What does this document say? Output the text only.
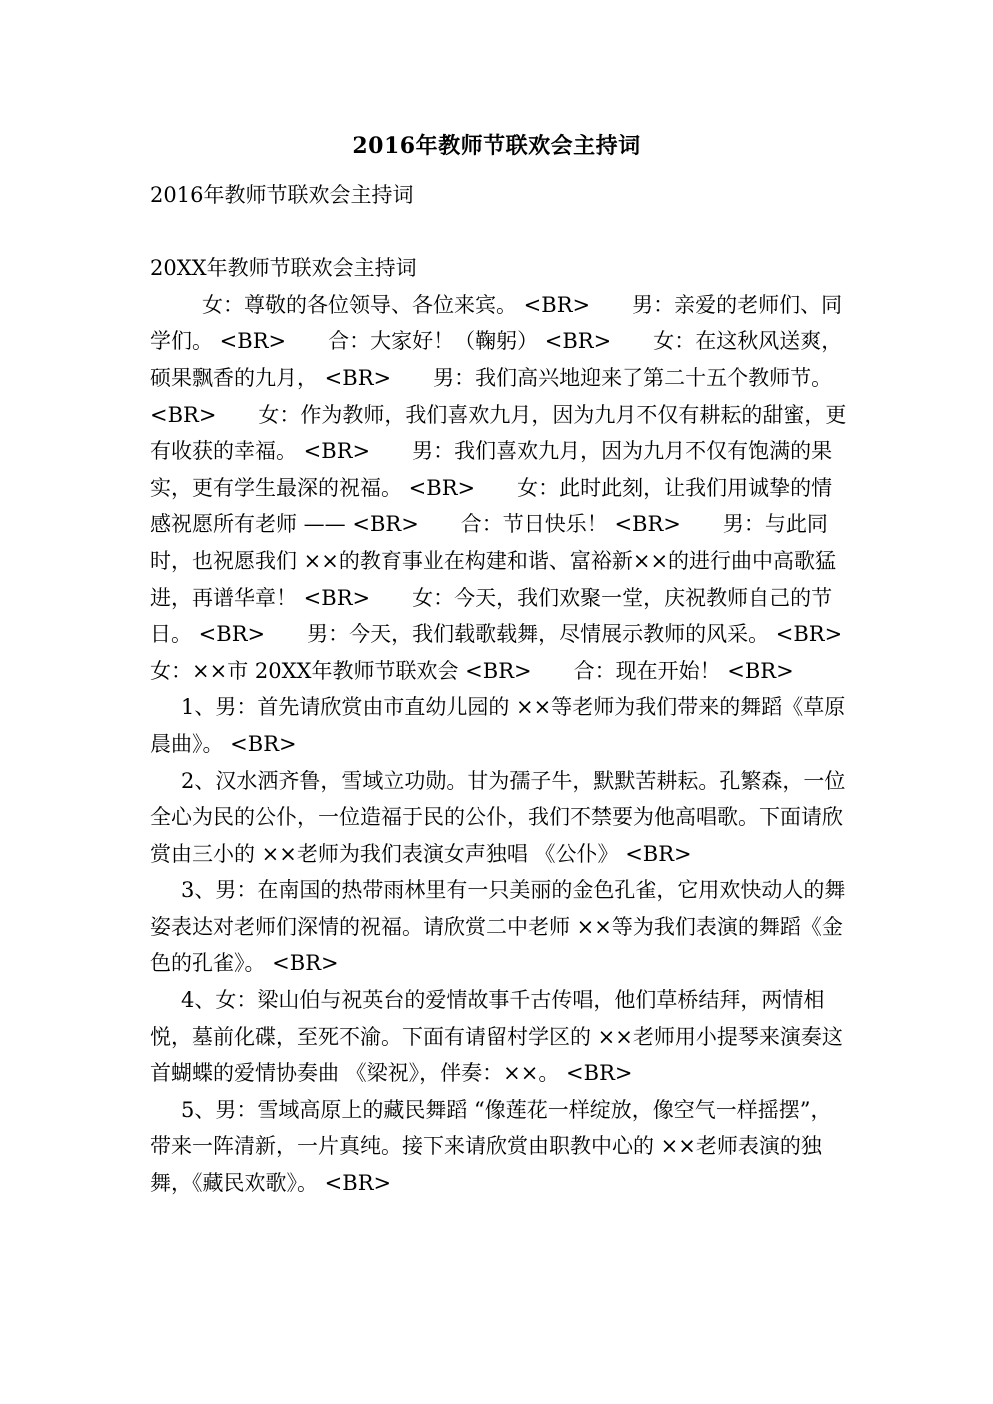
2016年教师节联欢会主持词

2016年教师节联欢会主持词

20XX年教师节联欢会主持词

女：尊敬的各位领导、各位来宾。 <BR>　　男：亲爱的老师们、同学们。 <BR>　　合：大家好！（鞠躬） <BR>　　女：在这秋风送爽，硕果飘香的九月， <BR>　　男：我们高兴地迎来了第二十五个教师节。 <BR>　　女：作为教师，我们喜欢九月，因为九月不仅有耕耘的甜蜜，更有收获的幸福。 <BR>　　男：我们喜欢九月，因为九月不仅有饱满的果实，更有学生最深的祝福。 <BR>　　女：此时此刻，让我们用诚挚的情感祝愿所有老师 —— <BR>　　合：节日快乐！ <BR>　　男：与此同时，也祝愿我们 ××的教育事业在构建和谐、富裕新××的进行曲中高歌猛进，再谱华章！ <BR>　　女：今天，我们欢聚一堂，庆祝教师自己的节日。 <BR>　　男：今天，我们载歌载舞，尽情展示教师的风采。 <BR>　　女：××市 20XX年教师节联欢会 <BR>　　合：现在开始！ <BR>

1、男：首先请欣赏由市直幼儿园的 ××等老师为我们带来的舞蹈《草原晨曲》。 <BR>

2、汉水洒齐鲁，雪域立功勋。甘为孺子牛，默默苦耕耘。孔繁森，一位全心为民的公仆，一位造福于民的公仆，我们不禁要为他高唱歌。下面请欣赏由三小的 ××老师为我们表演女声独唱 《公仆》 <BR>

3、男：在南国的热带雨林里有一只美丽的金色孔雀，它用欢快动人的舞姿表达对老师们深情的祝福。请欣赏二中老师 ××等为我们表演的舞蹈《金色的孔雀》。 <BR>

4、女：梁山伯与祝英台的爱情故事千古传唱，他们草桥结拜，两情相悦，墓前化碟，至死不渝。下面有请留村学区的 ××老师用小提琴来演奏这首蝴蝶的爱情协奏曲 《梁祝》，伴奏：××。 <BR>

5、男：雪域高原上的藏民舞蹈 “像莲花一样绽放，像空气一样摇摆”，带来一阵清新，一片真纯。接下来请欣赏由职教中心的 ××老师表演的独舞，《藏民欢歌》。 <BR>
